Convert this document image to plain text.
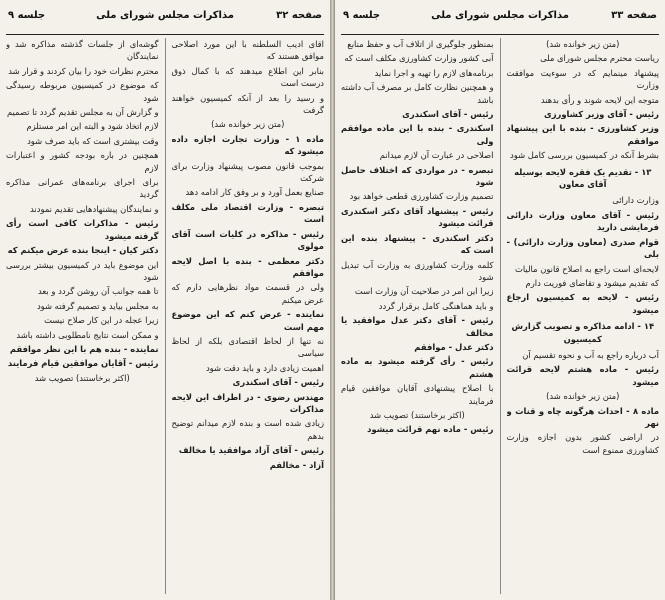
صفحه ۳۲
مذاکرات مجلس شورای ملی
جلسه ۹

اقای ادیب السلطنه با این مورد اصلاحی موافق هستند که

بنابر این اطلاع میدهند که با کمال ذوق درست است

و رسید را بعد از آنکه کمیسیون خواهند گرفت

(متن زیر خوانده شد)

ماده ۱ - وزارت تجارت اجازه داده میشود که

بموجب قانون مصوب پیشنهاد وزارت برای شرکت

صنایع بعمل آورد و بر وفق کار ادامه دهد

تبصره - وزارت اقتصاد ملی مکلف است

رئیس - مذاکره در کلیات است آقای مولوی

دکتر معظمی - بنده با اصل لایحه موافقم

ولی در قسمت مواد نظرهایی دارم که عرض میکنم

نماینده - عرض کنم که این موضوع مهم است

نه تنها از لحاظ اقتصادی بلکه از لحاظ سیاسی

اهمیت زیادی دارد و باید دقت شود

رئیس - آقای اسکندری

مهندس رضوی - در اطراف این لایحه مذاکرات

زیادی شده است و بنده لازم میدانم توضیح بدهم

رئیس - آقای آزاد موافقید یا مخالف

آزاد - مخالفم

گوشه‌ای از جلسات گذشته مذاکره شد و نمایندگان

محترم نظرات خود را بیان کردند و قرار شد

که موضوع در کمیسیون مربوطه رسیدگی شود

و گزارش آن به مجلس تقدیم گردد تا تصمیم

لازم اتخاذ شود و البته این امر مستلزم

وقت بیشتری است که باید صرف شود

همچنین در باره بودجه کشور و اعتبارات لازم

برای اجرای برنامه‌های عمرانی مذاکره گردید

و نمایندگان پیشنهادهایی تقدیم نمودند

رئیس - مذاکرات کافی است رأی گرفته میشود

دکتر کیان - اینجا بنده عرض میکنم که

این موضوع باید در کمیسیون بیشتر بررسی شود

تا همه جوانب آن روشن گردد و بعد

به مجلس بیاید و تصمیم گرفته شود

زیرا عجله در این کار صلاح نیست

و ممکن است نتایج نامطلوبی داشته باشد

نماینده - بنده هم با این نظر موافقم

رئیس - آقایان موافقین قیام فرمایند

(اکثر برخاستند) تصویب شد

صفحه ۳۳
مذاکرات مجلس شورای ملی
جلسه ۹

(متن زیر خوانده شد)

ریاست محترم مجلس شورای ملی

پیشنهاد مینمایم که در سوءیت موافقت وزارت

متوجه این لایحه شوند و رأی بدهند

رئیس - آقای وزیر کشاورزی

وزیر کشاورزی - بنده با این پیشنهاد موافقم

بشرط آنکه در کمیسیون بررسی کامل شود

۱۳ - تقدیم یک فقره لایحه بوسیله آقای معاون

وزارت دارائی

رئیس - آقای معاون وزارت دارائی فرمایشی دارید

قوام صدری (معاون وزارت دارائی) - بلی

لایحه‌ای است راجع به اصلاح قانون مالیات

که تقدیم میشود و تقاضای فوریت دارم

رئیس - لایحه به کمیسیون ارجاع میشود

۱۴ - ادامه مذاکره و تصویب گزارش کمیسیون

آب درباره راجع به آب و نحوه تقسیم آن

رئیس - ماده هشتم لایحه قرائت میشود

(متن زیر خوانده شد)

ماده ۸ - احداث هرگونه چاه و قنات و نهر

در اراضی کشور بدون اجازه وزارت کشاورزی ممنوع است

بمنظور جلوگیری از اتلاف آب و حفظ منابع

آبی کشور وزارت کشاورزی مکلف است که

برنامه‌های لازم را تهیه و اجرا نماید

و همچنین نظارت کامل بر مصرف آب داشته باشد

رئیس - آقای اسکندری

اسکندری - بنده با این ماده موافقم ولی

اصلاحی در عبارت آن لازم میدانم

تبصره - در مواردی که اختلاف حاصل شود

تصمیم وزارت کشاورزی قطعی خواهد بود

رئیس - پیشنهاد آقای دکتر اسکندری قرائت میشود

دکتر اسکندری - پیشنهاد بنده این است که

کلمه وزارت کشاورزی به وزارت آب تبدیل شود

زیرا این امر در صلاحیت آن وزارت است

و باید هماهنگی کامل برقرار گردد

رئیس - آقای دکتر عدل موافقید یا مخالف

دکتر عدل - موافقم

رئیس - رأی گرفته میشود به ماده هشتم

با اصلاح پیشنهادی آقایان موافقین قیام فرمایند

(اکثر برخاستند) تصویب شد

رئیس - ماده نهم قرائت میشود
